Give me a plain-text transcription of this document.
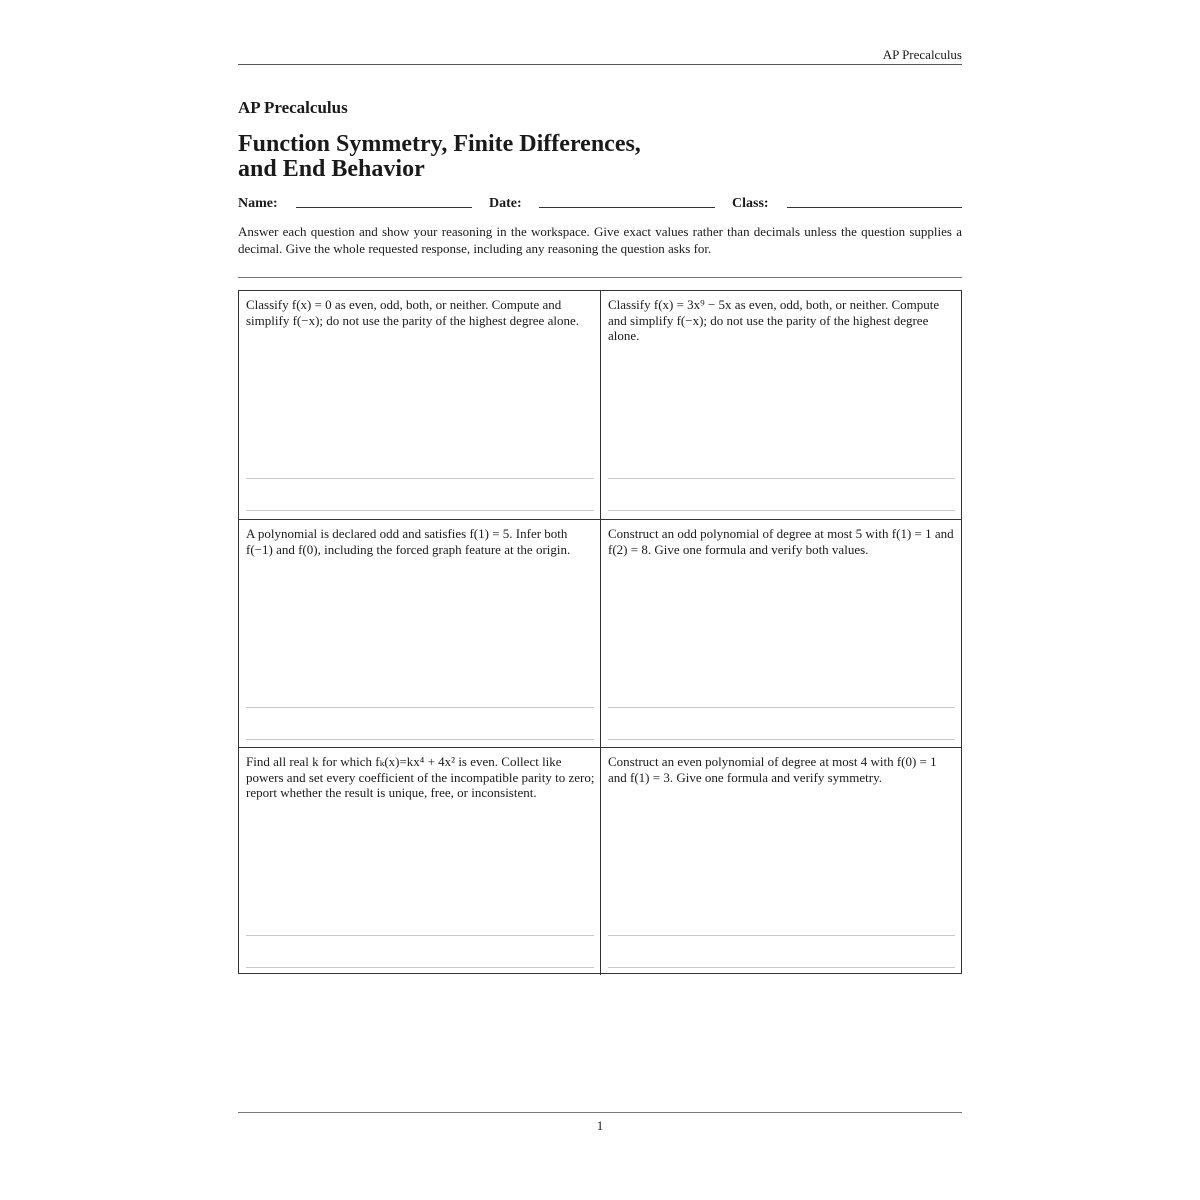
AP Precalculus
AP Precalculus
Function Symmetry, Finite Differences,
and End Behavior
Name:	Date:	Class:
Answer each question and show your reasoning in the workspace. Give exact values rather than decimals unless the question supplies a decimal. Give the whole requested response, including any reasoning the question asks for.
Classify f(x) = 0 as even, odd, both, or neither. Compute and simplify f(−x); do not use the parity of the highest degree alone.
Classify f(x) = 3x⁹ − 5x as even, odd, both, or neither. Compute and simplify f(−x); do not use the parity of the highest degree alone.
A polynomial is declared odd and satisfies f(1) = 5. Infer both f(−1) and f(0), including the forced graph feature at the origin.
Construct an odd polynomial of degree at most 5 with f(1) = 1 and f(2) = 8. Give one formula and verify both values.
Find all real k for which fₖ(x)=kx⁴ + 4x² is even. Collect like powers and set every coefficient of the incompatible parity to zero; report whether the result is unique, free, or inconsistent.
Construct an even polynomial of degree at most 4 with f(0) = 1 and f(1) = 3. Give one formula and verify symmetry.
1
